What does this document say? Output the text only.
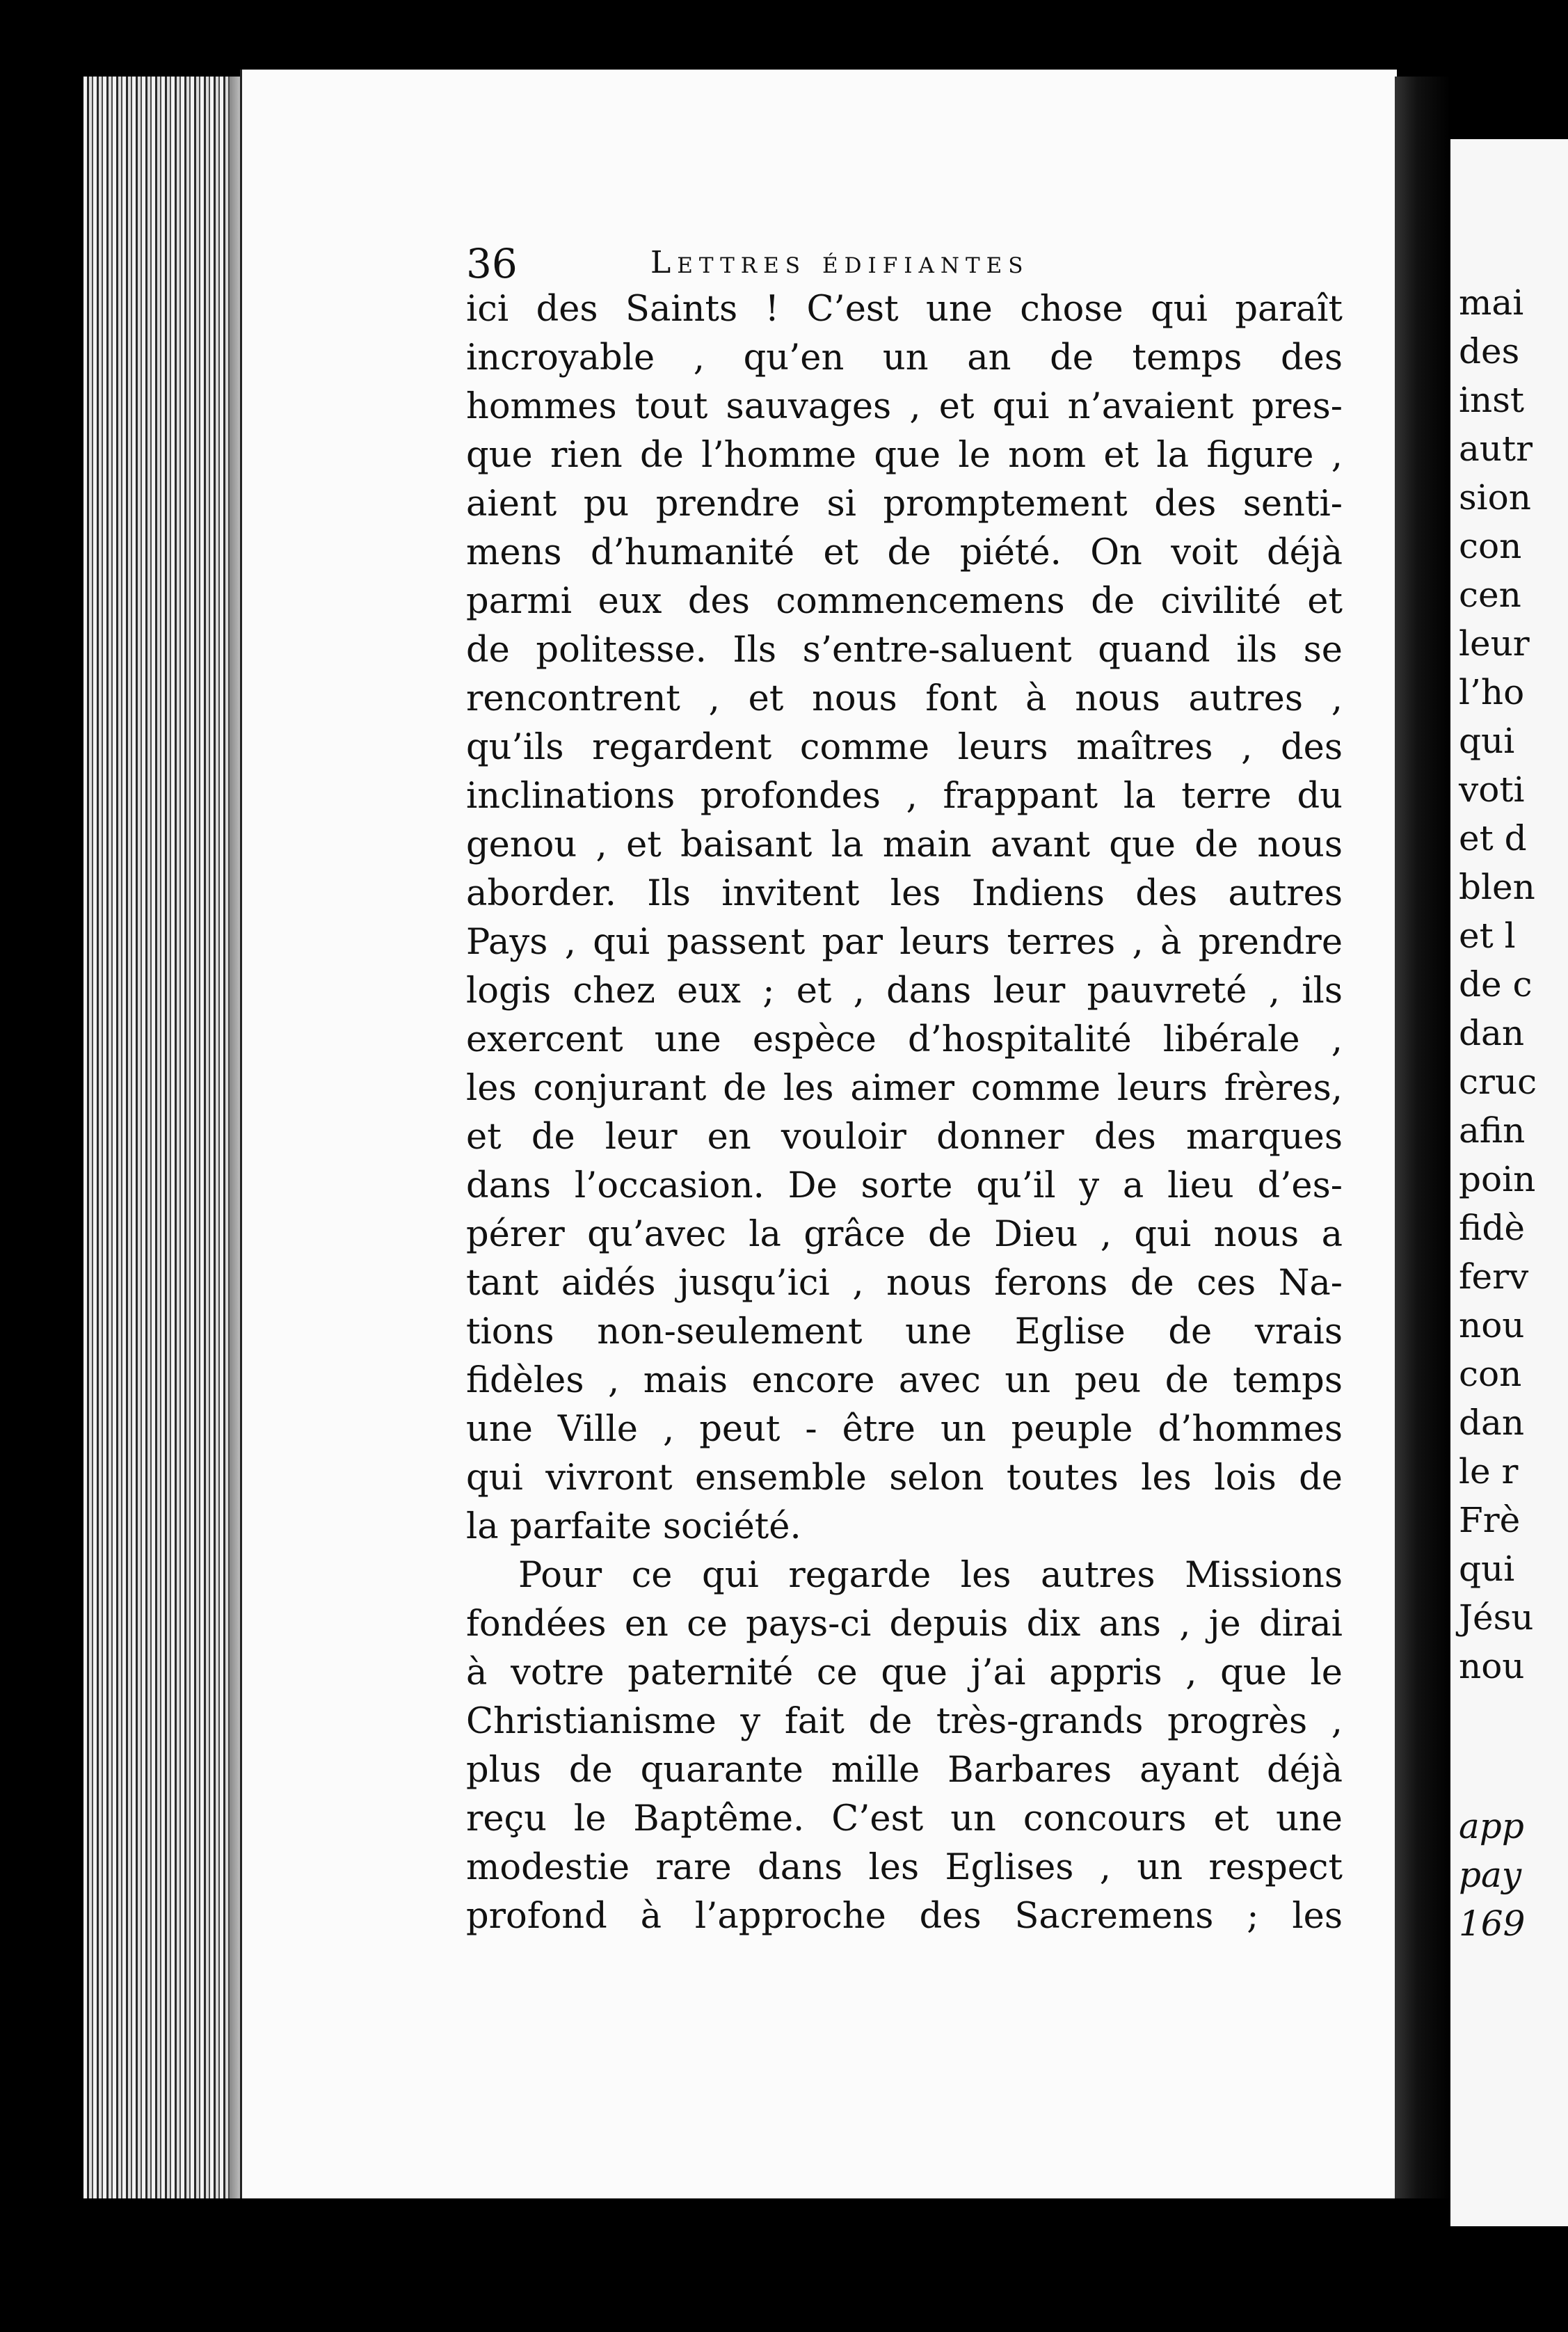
36	Lettres édifiantes
ici des Saints ! C’est une chose qui paraît
incroyable , qu’en un an de temps des
hommes tout sauvages , et qui n’avaient pres-
que rien de l’homme que le nom et la figure ,
aient pu prendre si promptement des senti-
mens d’humanité et de piété. On voit déjà
parmi eux des commencemens de civilité et
de politesse. Ils s’entre-saluent quand ils se
rencontrent , et nous font à nous autres ,
qu’ils regardent comme leurs maîtres , des
inclinations profondes , frappant la terre du
genou , et baisant la main avant que de nous
aborder. Ils invitent les Indiens des autres
Pays , qui passent par leurs terres , à prendre
logis chez eux ; et , dans leur pauvreté , ils
exercent une espèce d’hospitalité libérale ,
les conjurant de les aimer comme leurs frères,
et de leur en vouloir donner des marques
dans l’occasion. De sorte qu’il y a lieu d’es-
pérer qu’avec la grâce de Dieu , qui nous a
tant aidés jusqu’ici , nous ferons de ces Na-
tions non-seulement une Eglise de vrais
fidèles , mais encore avec un peu de temps
une Ville , peut - être un peuple d’hommes
qui vivront ensemble selon toutes les lois de
la parfaite société.
Pour ce qui regarde les autres Missions
fondées en ce pays-ci depuis dix ans , je dirai
à votre paternité ce que j’ai appris , que le
Christianisme y fait de très-grands progrès ,
plus de quarante mille Barbares ayant déjà
reçu le Baptême. C’est un concours et une
modestie rare dans les Eglises , un respect
profond à l’approche des Sacremens ; les
mai
des
inst
autr
sion
con
cen
leur
l’ho
qui
voti
et d
blen
et l
de c
dan
cruc
afin
poin
fidè
ferv
nou
con
dan
le r
Frè
qui
Jésu
nou
app
pay
169
